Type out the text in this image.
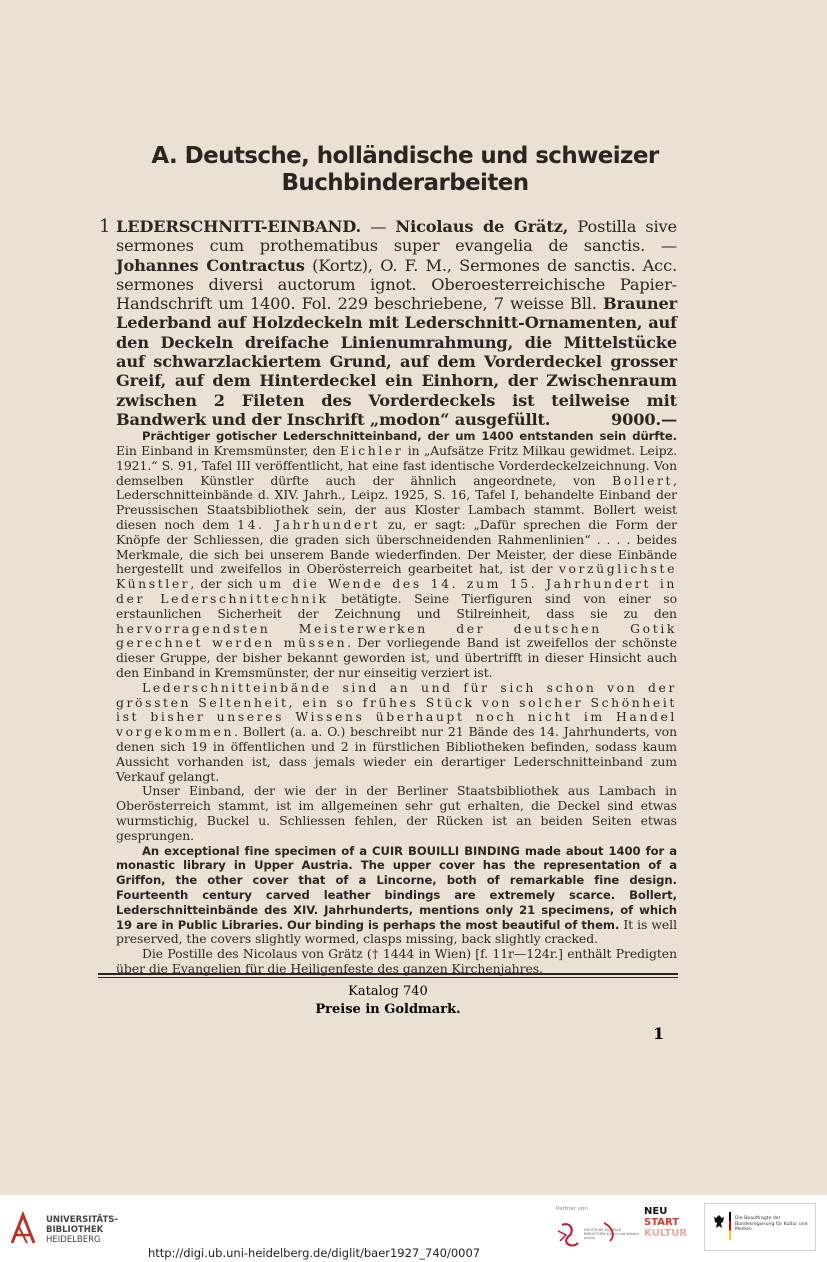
A. Deutsche, holländische und schweizer
Buchbinderarbeiten
1 LEDERSCHNITT-EINBAND. — Nicolaus de Grätz, Postilla sive sermones cum prothematibus super evangelia de sanctis. — Johannes Contractus (Kortz), O. F. M., Sermones de sanctis. Acc. sermones diversi auctorum ignot. Oberoesterreichische Papier-Handschrift um 1400. Fol. 229 beschriebene, 7 weisse Bll. Brauner Lederband auf Holzdeckeln mit Lederschnitt-Ornamenten, auf den Deckeln dreifache Linienumrahmung, die Mittelstücke auf schwarzlackiertem Grund, auf dem Vorderdeckel grosser Greif, auf dem Hinterdeckel ein Einhorn, der Zwischenraum zwischen 2 Fileten des Vorderdeckels ist teilweise mit Bandwerk und der Inschrift „modon“ ausgefüllt.	9000.—

Prächtiger gotischer Lederschnitteinband, der um 1400 entstanden sein dürfte. Ein Einband in Kremsmünster, den Eichler in „Aufsätze Fritz Milkau gewidmet. Leipz. 1921.“ S. 91, Tafel III veröffentlicht, hat eine fast identische Vorderdeckelzeichnung. Von demselben Künstler dürfte auch der ähnlich angeordnete, von Bollert, Lederschnitteinbände d. XIV. Jahrh., Leipz. 1925, S. 16, Tafel I, behandelte Einband der Preussischen Staatsbibliothek sein, der aus Kloster Lambach stammt. Bollert weist diesen noch dem 14. Jahrhundert zu, er sagt: „Dafür sprechen die Form der Knöpfe der Schliessen, die graden sich überschneidenden Rahmenlinien“ . . . . beides Merkmale, die sich bei unserem Bande wiederfinden. Der Meister, der diese Einbände hergestellt und zweifellos in Oberösterreich gearbeitet hat, ist der vorzüglichste Künstler, der sich um die Wende des 14. zum 15. Jahrhundert in der Lederschnittechnik betätigte. Seine Tierfiguren sind von einer so erstaunlichen Sicherheit der Zeichnung und Stilreinheit, dass sie zu den hervorragendsten Meisterwerken der deutschen Gotik gerechnet werden müssen. Der vorliegende Band ist zweifellos der schönste dieser Gruppe, der bisher bekannt geworden ist, und übertrifft in dieser Hinsicht auch den Einband in Kremsmünster, der nur einseitig verziert ist.

Lederschnitteinbände sind an und für sich schon von der grössten Seltenheit, ein so frühes Stück von solcher Schönheit ist bisher unseres Wissens überhaupt noch nicht im Handel vorgekommen. Bollert (a. a. O.) beschreibt nur 21 Bände des 14. Jahrhunderts, von denen sich 19 in öffentlichen und 2 in fürstlichen Bibliotheken befinden, sodass kaum Aussicht vorhanden ist, dass jemals wieder ein derartiger Lederschnitteinband zum Verkauf gelangt.

Unser Einband, der wie der in der Berliner Staatsbibliothek aus Lambach in Oberösterreich stammt, ist im allgemeinen sehr gut erhalten, die Deckel sind etwas wurmstichig, Buckel u. Schliessen fehlen, der Rücken ist an beiden Seiten etwas gesprungen.

An exceptional fine specimen of a CUIR BOUILLI BINDING made about 1400 for a monastic library in Upper Austria. The upper cover has the representation of a Griffon, the other cover that of a Lincorne, both of remarkable fine design. Fourteenth century carved leather bindings are extremely scarce. Bollert, Lederschnitteinbände des XIV. Jahrhunderts, mentions only 21 specimens, of which 19 are in Public Libraries. Our binding is perhaps the most beautiful of them. It is well preserved, the covers slightly wormed, clasps missing, back slightly cracked.

Die Postille des Nicolaus von Grätz († 1444 in Wien) [f. 11r—124r.] enthält Predigten über die Evangelien für die Heiligenfeste des ganzen Kirchenjahres.

Katalog 740
Preise in Goldmark.
1
UNIVERSITÄTS-
BIBLIOTHEK
HEIDELBERG
http://digi.ub.uni-heidelberg.de/diglit/baer1927_740/0007
Partner von
DEUTSCHE DIGITALE BIBLIOTHEK Kultur und Wissen online
NEU
START
KULTUR
Die Beauftragte der Bundesregierung für Kultur und Medien
